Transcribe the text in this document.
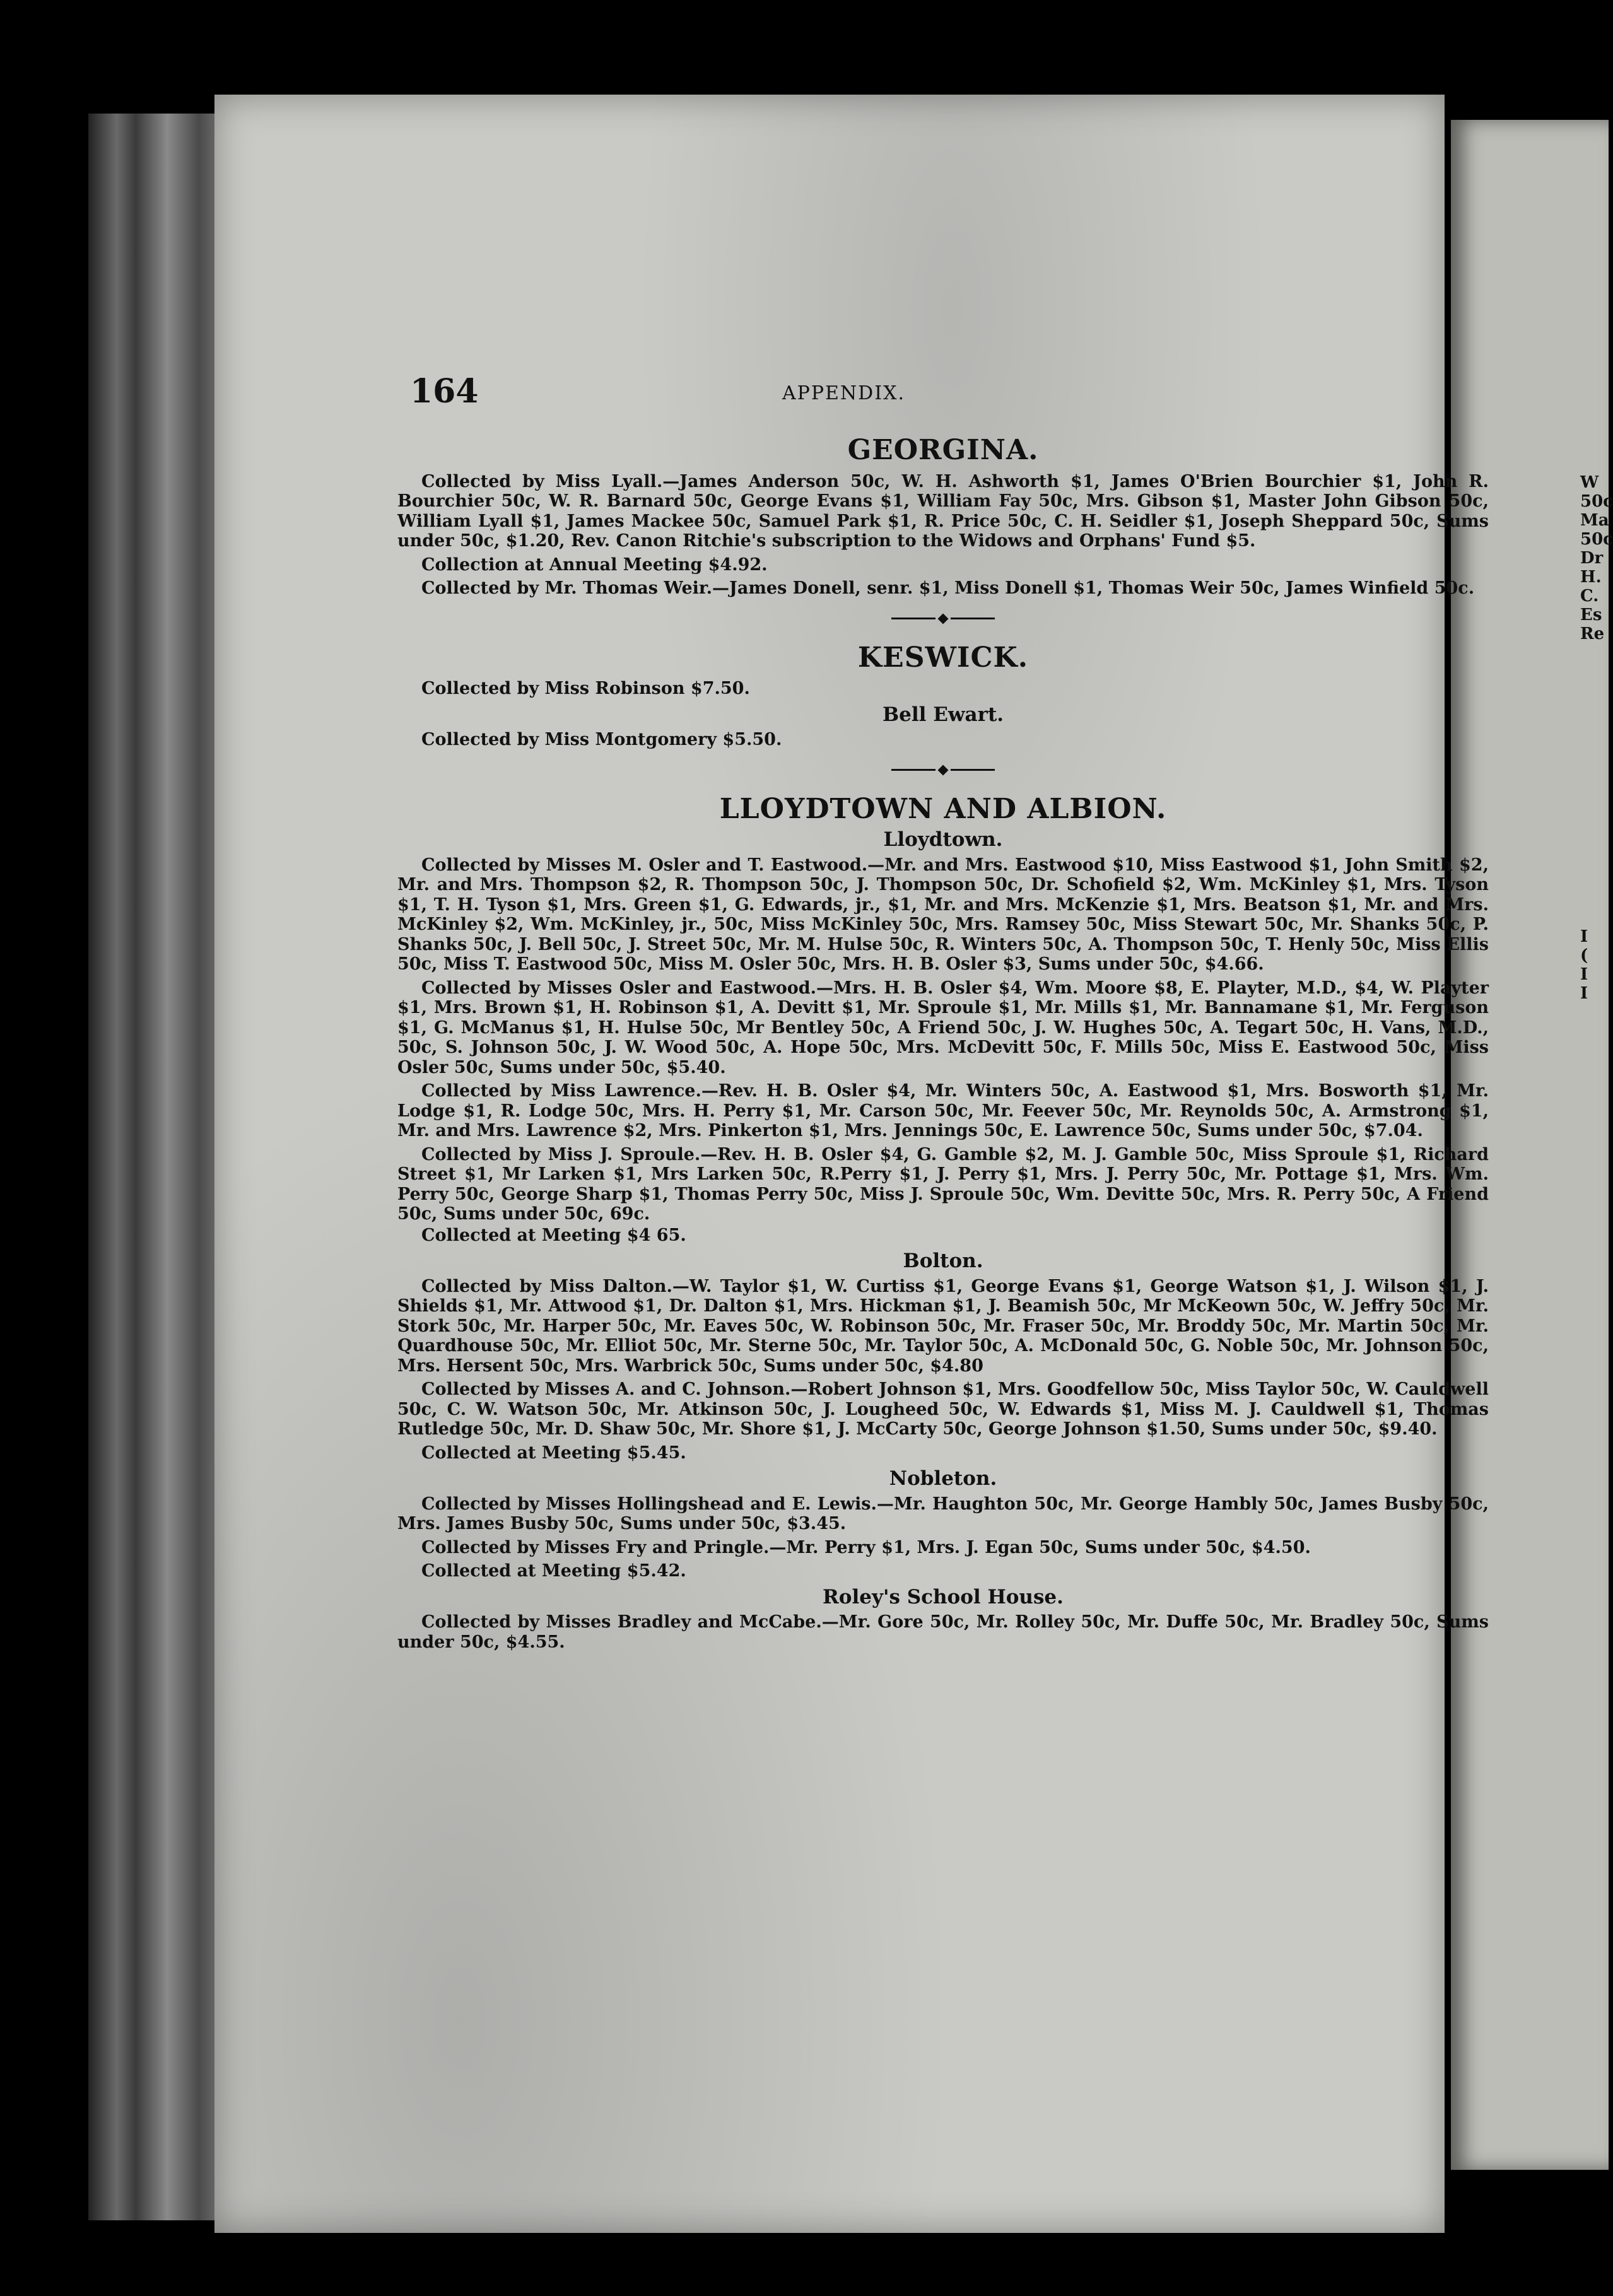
W
50c
Ma
50c
Dr
H.
C.
Es
Re
I
(
I
I
164	APPENDIX.
GEORGINA.

Collected by Miss Lyall.—James Anderson 50c, W. H. Ashworth $1, James O'Brien Bourchier $1, John R. Bourchier 50c, W. R. Barnard 50c, George Evans $1, William Fay 50c, Mrs. Gibson $1, Master John Gibson 50c, William Lyall $1, James Mackee 50c, Samuel Park $1, R. Price 50c, C. H. Seidler $1, Joseph Sheppard 50c, Sums under 50c, $1.20, Rev. Canon Ritchie's subscription to the Widows and Orphans' Fund $5.

Collection at Annual Meeting $4.92.

Collected by Mr. Thomas Weir.—James Donell, senr. $1, Miss Donell $1, Thomas Weir 50c, James Winfield 50c.

KESWICK.

Collected by Miss Robinson $7.50.

Bell Ewart.

Collected by Miss Montgomery $5.50.

LLOYDTOWN AND ALBION.
Lloydtown.

Collected by Misses M. Osler and T. Eastwood.—Mr. and Mrs. Eastwood $10, Miss Eastwood $1, John Smith $2, Mr. and Mrs. Thompson $2, R. Thompson 50c, J. Thompson 50c, Dr. Schofield $2, Wm. McKinley $1, Mrs. Tyson $1, T. H. Tyson $1, Mrs. Green $1, G. Edwards, jr., $1, Mr. and Mrs. McKenzie $1, Mrs. Beatson $1, Mr. and Mrs. McKinley $2, Wm. McKinley, jr., 50c, Miss McKinley 50c, Mrs. Ramsey 50c, Miss Stewart 50c, Mr. Shanks 50c, P. Shanks 50c, J. Bell 50c, J. Street 50c, Mr. M. Hulse 50c, R. Winters 50c, A. Thompson 50c, T. Henly 50c, Miss Ellis 50c, Miss T. Eastwood 50c, Miss M. Osler 50c, Mrs. H. B. Osler $3, Sums under 50c, $4.66.

Collected by Misses Osler and Eastwood.—Mrs. H. B. Osler $4, Wm. Moore $8, E. Playter, M.D., $4, W. Playter $1, Mrs. Brown $1, H. Robinson $1, A. Devitt $1, Mr. Sproule $1, Mr. Mills $1, Mr. Bannamane $1, Mr. Ferguson $1, G. McManus $1, H. Hulse 50c, Mr Bentley 50c, A Friend 50c, J. W. Hughes 50c, A. Tegart 50c, H. Vans, M.D., 50c, S. Johnson 50c, J. W. Wood 50c, A. Hope 50c, Mrs. McDevitt 50c, F. Mills 50c, Miss E. Eastwood 50c, Miss Osler 50c, Sums under 50c, $5.40.

Collected by Miss Lawrence.—Rev. H. B. Osler $4, Mr. Winters 50c, A. Eastwood $1, Mrs. Bosworth $1, Mr. Lodge $1, R. Lodge 50c, Mrs. H. Perry $1, Mr. Carson 50c, Mr. Feever 50c, Mr. Reynolds 50c, A. Armstrong $1, Mr. and Mrs. Lawrence $2, Mrs. Pinkerton $1, Mrs. Jennings 50c, E. Lawrence 50c, Sums under 50c, $7.04.

Collected by Miss J. Sproule.—Rev. H. B. Osler $4, G. Gamble $2, M. J. Gamble 50c, Miss Sproule $1, Richard Street $1, Mr Larken $1, Mrs Larken 50c, R.Perry $1, J. Perry $1, Mrs. J. Perry 50c, Mr. Pottage $1, Mrs. Wm. Perry 50c, George Sharp $1, Thomas Perry 50c, Miss J. Sproule 50c, Wm. Devitte 50c, Mrs. R. Perry 50c, A Friend 50c, Sums under 50c, 69c.

Collected at Meeting $4 65.

Bolton.

Collected by Miss Dalton.—W. Taylor $1, W. Curtiss $1, George Evans $1, George Watson $1, J. Wilson $1, J. Shields $1, Mr. Attwood $1, Dr. Dalton $1, Mrs. Hickman $1, J. Beamish 50c, Mr McKeown 50c, W. Jeffry 50c, Mr. Stork 50c, Mr. Harper 50c, Mr. Eaves 50c, W. Robinson 50c, Mr. Fraser 50c, Mr. Broddy 50c, Mr. Martin 50c, Mr. Quardhouse 50c, Mr. Elliot 50c, Mr. Sterne 50c, Mr. Taylor 50c, A. McDonald 50c, G. Noble 50c, Mr. Johnson 50c, Mrs. Hersent 50c, Mrs. Warbrick 50c, Sums under 50c, $4.80

Collected by Misses A. and C. Johnson.—Robert Johnson $1, Mrs. Goodfellow 50c, Miss Taylor 50c, W. Cauldwell 50c, C. W. Watson 50c, Mr. Atkinson 50c, J. Lougheed 50c, W. Edwards $1, Miss M. J. Cauldwell $1, Thomas Rutledge 50c, Mr. D. Shaw 50c, Mr. Shore $1, J. McCarty 50c, George Johnson $1.50, Sums under 50c, $9.40.

Collected at Meeting $5.45.

Nobleton.

Collected by Misses Hollingshead and E. Lewis.—Mr. Haughton 50c, Mr. George Hambly 50c, James Busby 50c, Mrs. James Busby 50c, Sums under 50c, $3.45.

Collected by Misses Fry and Pringle.—Mr. Perry $1, Mrs. J. Egan 50c, Sums under 50c, $4.50.

Collected at Meeting $5.42.

Roley's School House.

Collected by Misses Bradley and McCabe.—Mr. Gore 50c, Mr. Rolley 50c, Mr. Duffe 50c, Mr. Bradley 50c, Sums under 50c, $4.55.
